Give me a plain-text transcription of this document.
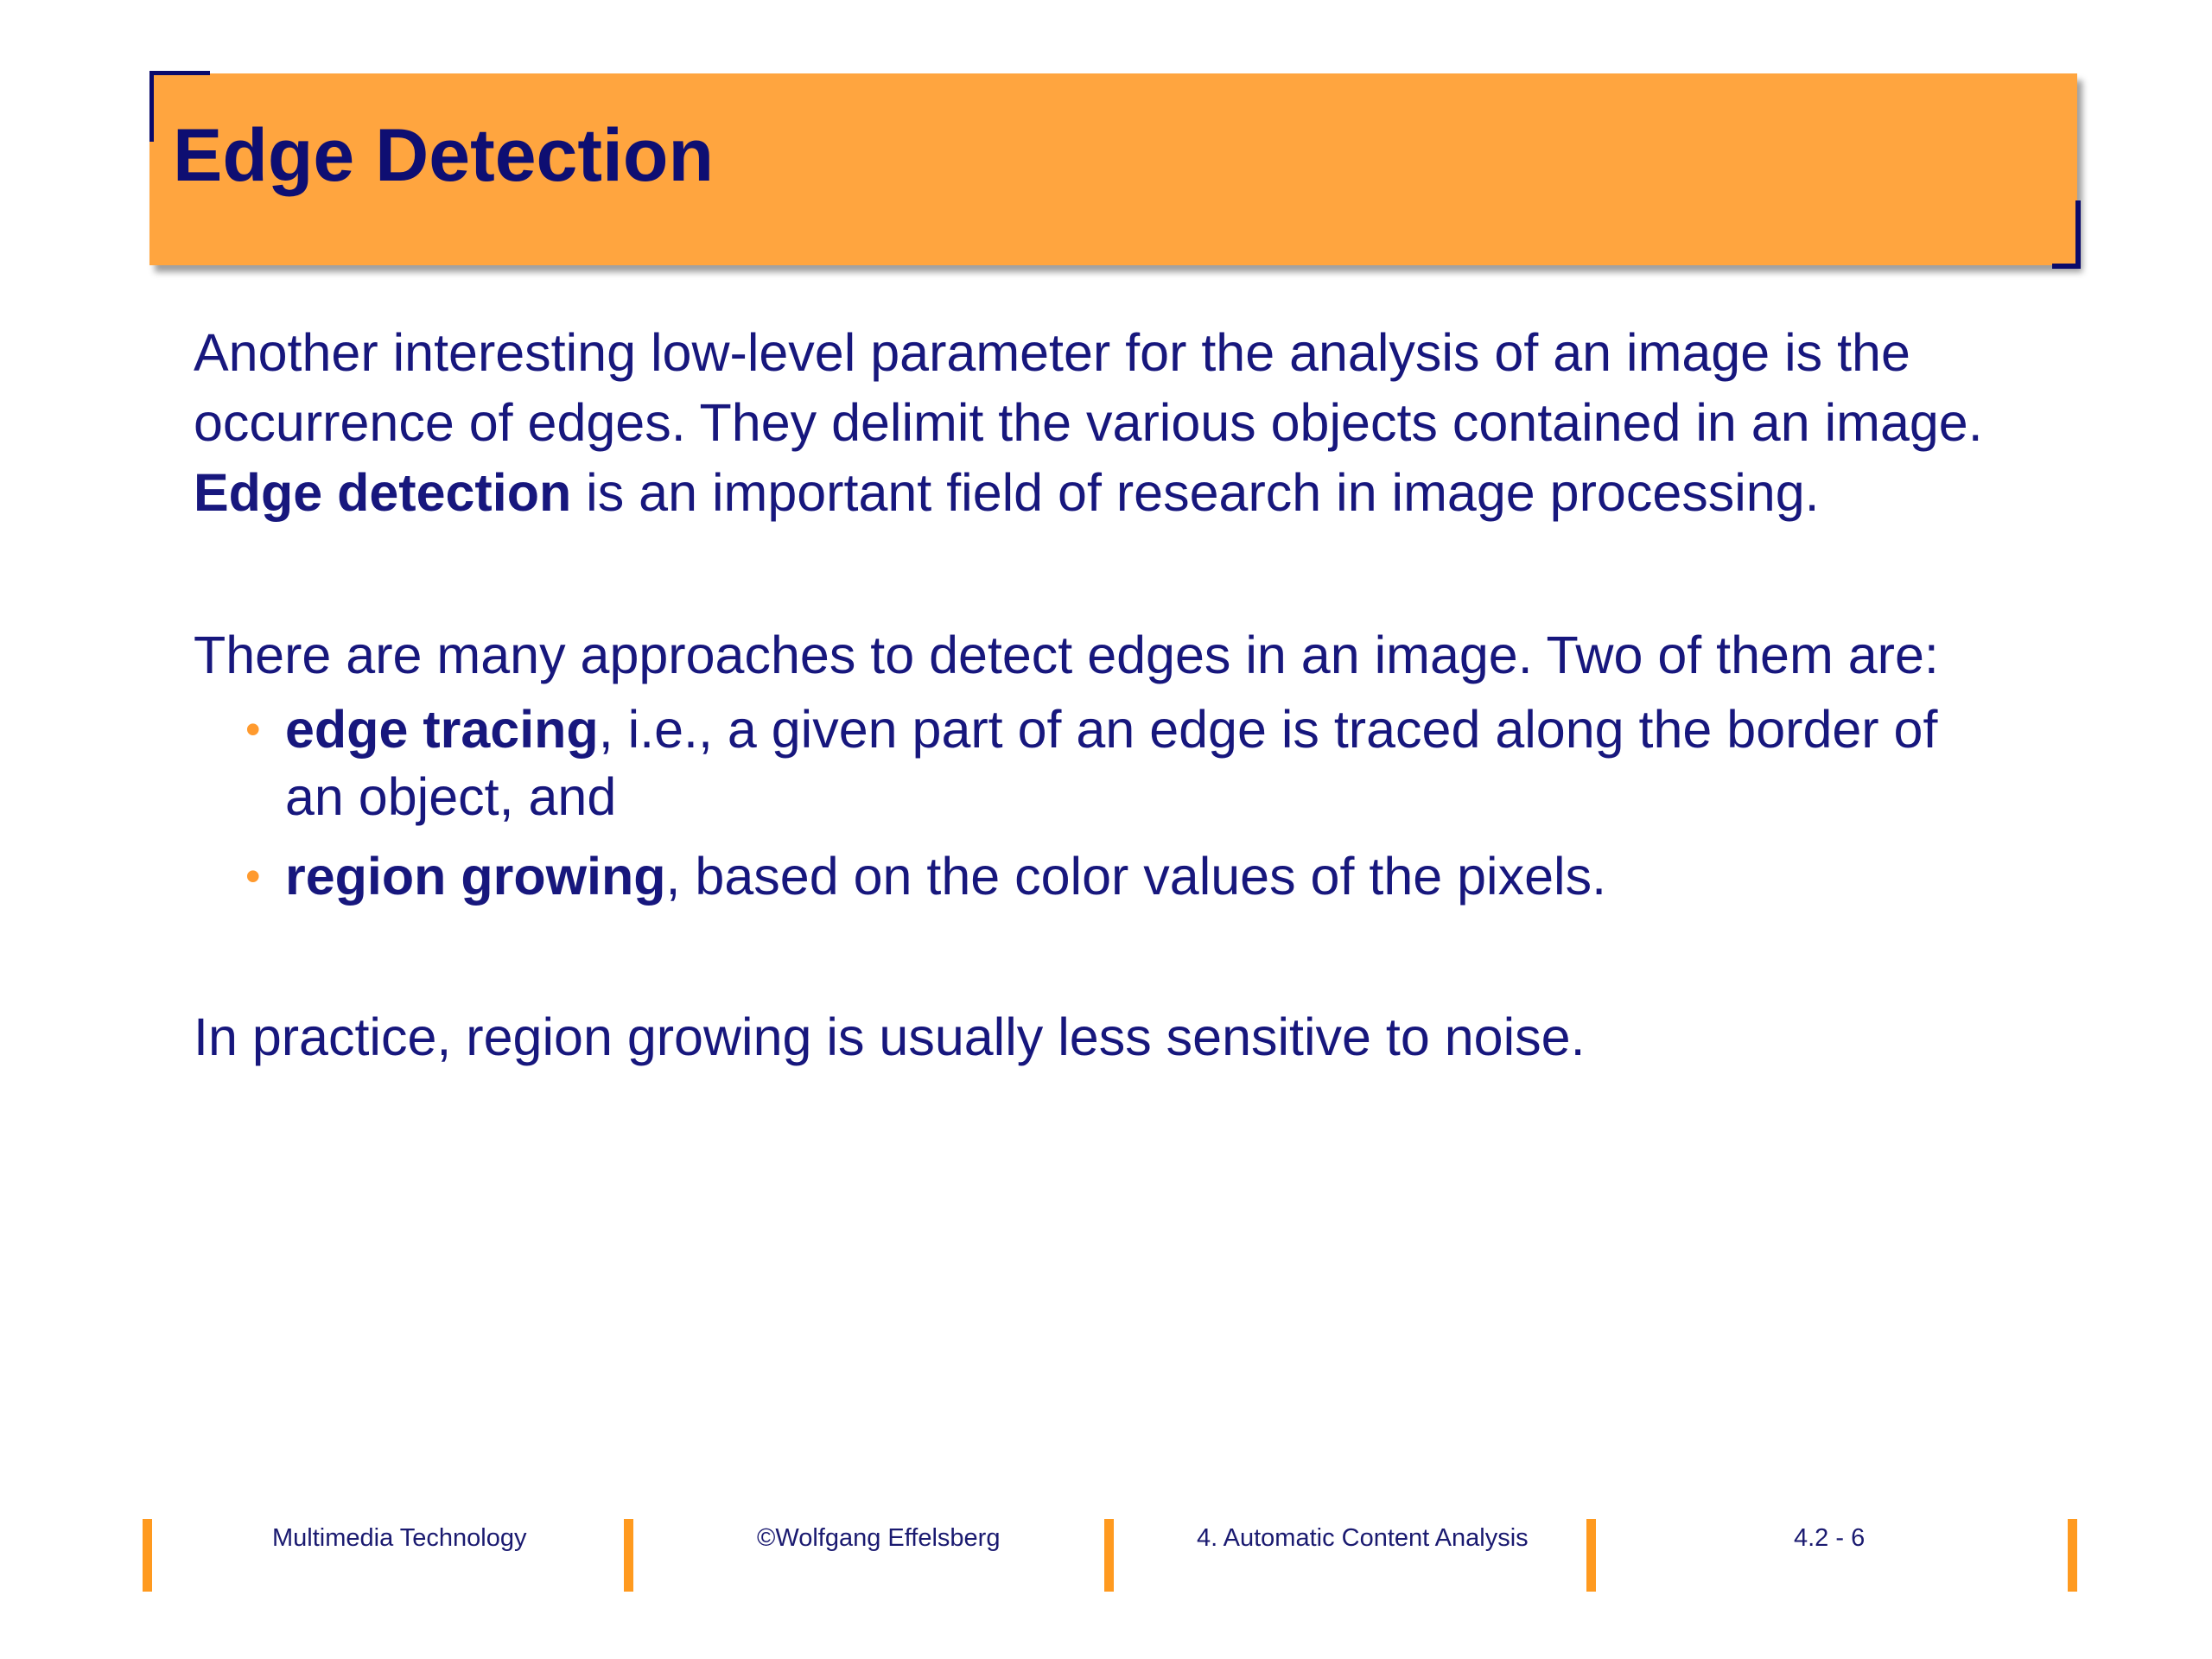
Edge Detection

Another interesting low-level parameter for the analysis of an image is the
occurrence of edges. They delimit the various objects contained in an image.
Edge detection is an important field of research in image processing.

There are many approaches to detect edges in an image. Two of them are:

• edge tracing, i.e., a given part of an edge is traced along the border of
an object, and
• region growing, based on the color values of the pixels.

In practice, region growing is usually less sensitive to noise.

Multimedia Technology	©Wolfgang Effelsberg	4. Automatic Content Analysis	4.2 - 6
